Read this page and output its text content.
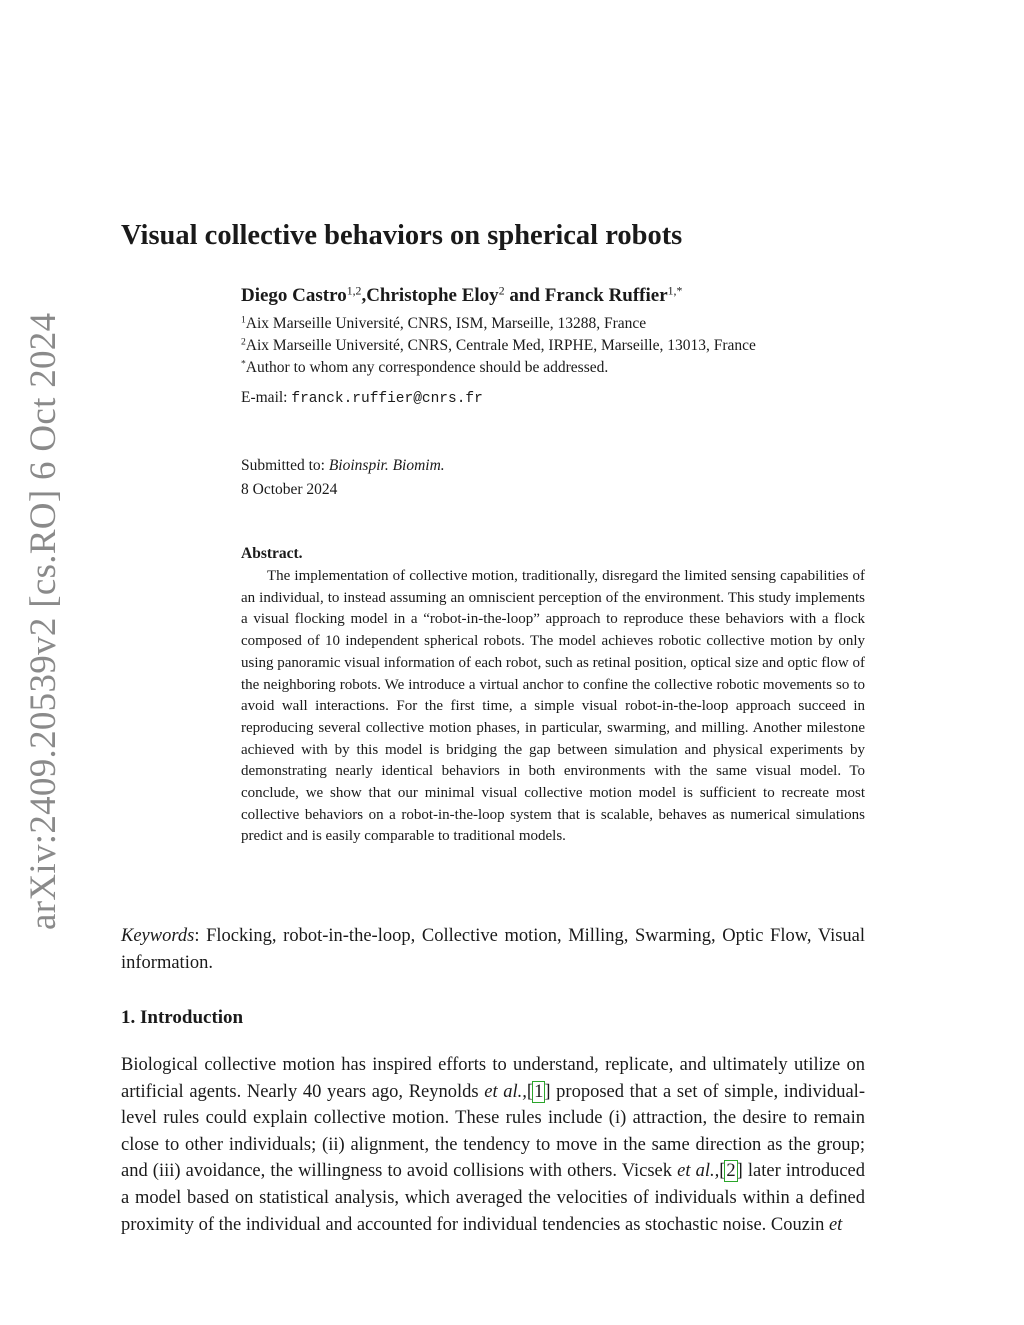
arXiv:2409.20539v2 [cs.RO] 6 Oct 2024
Visual collective behaviors on spherical robots
Diego Castro$^{1,2}$,Christophe Eloy$^2$ and Franck Ruffier$^{1,*}$
$^1$Aix Marseille Université, CNRS, ISM, Marseille, 13288, France
$^2$Aix Marseille Université, CNRS, Centrale Med, IRPHE, Marseille, 13013, France
*Author to whom any correspondence should be addressed.
E-mail: franck.ruffier@cnrs.fr
Submitted to: Bioinspir. Biomim.
8 October 2024
Abstract.

The implementation of collective motion, traditionally, disregard the limited sensing capabilities of an individual, to instead assuming an omniscient perception of the environment. This study implements a visual flocking model in a “robot-in-the-loop” approach to reproduce these behaviors with a flock composed of 10 independent spherical robots. The model achieves robotic collective motion by only using panoramic visual information of each robot, such as retinal position, optical size and optic flow of the neighboring robots. We introduce a virtual anchor to confine the collective robotic movements so to avoid wall interactions. For the first time, a simple visual robot-in-the-loop approach succeed in reproducing several collective motion phases, in particular, swarming, and milling. Another milestone achieved with by this model is bridging the gap between simulation and physical experiments by demonstrating nearly identical behaviors in both environments with the same visual model. To conclude, we show that our minimal visual collective motion model is sufficient to recreate most collective behaviors on a robot-in-the-loop system that is scalable, behaves as numerical simulations predict and is easily comparable to traditional models.

Keywords: Flocking, robot-in-the-loop, Collective motion, Milling, Swarming, Optic Flow, Visual information.

1. Introduction

Biological collective motion has inspired efforts to understand, replicate, and ultimately utilize on artificial agents. Nearly 40 years ago, Reynolds et al.,[1] proposed that a set of simple, individual-level rules could explain collective motion. These rules include (i) attraction, the desire to remain close to other individuals; (ii) alignment, the tendency to move in the same direction as the group; and (iii) avoidance, the willingness to avoid collisions with others. Vicsek et al.,[2] later introduced a model based on statistical analysis, which averaged the velocities of individuals within a defined proximity of the individual and accounted for individual tendencies as stochastic noise. Couzin et
